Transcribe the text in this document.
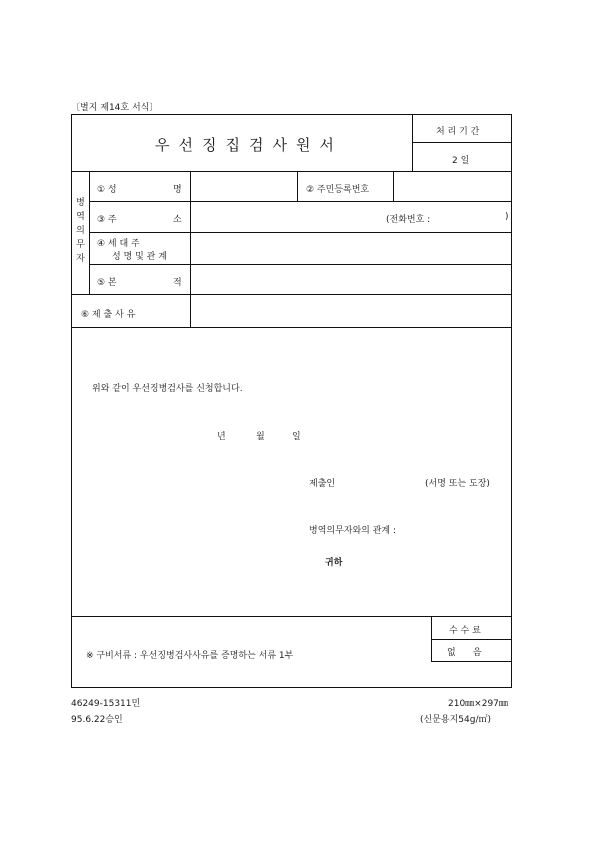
〔별지 제14호 서식〕
우선징집검사원서
처 리 기 간
2 일
병
역
의
무
자
① 성	명	② 주민등록번호
③ 주	소	(전화번호 :	)
④ 세 대 주
성 명 및 관 계
⑤ 본	적
⑥ 제 출 사 유
위와 같이 우선징병검사를 신청합니다.
년	월	일
제출인	(서명 또는 도장)
병역의무자와의 관계 :
귀하
수 수 료
없      음
※ 구비서류 : 우선징병검사사유를 증명하는 서류 1부
46249-15311민
95.6.22승인
210㎜×297㎜
(신문용지54g/㎡)
